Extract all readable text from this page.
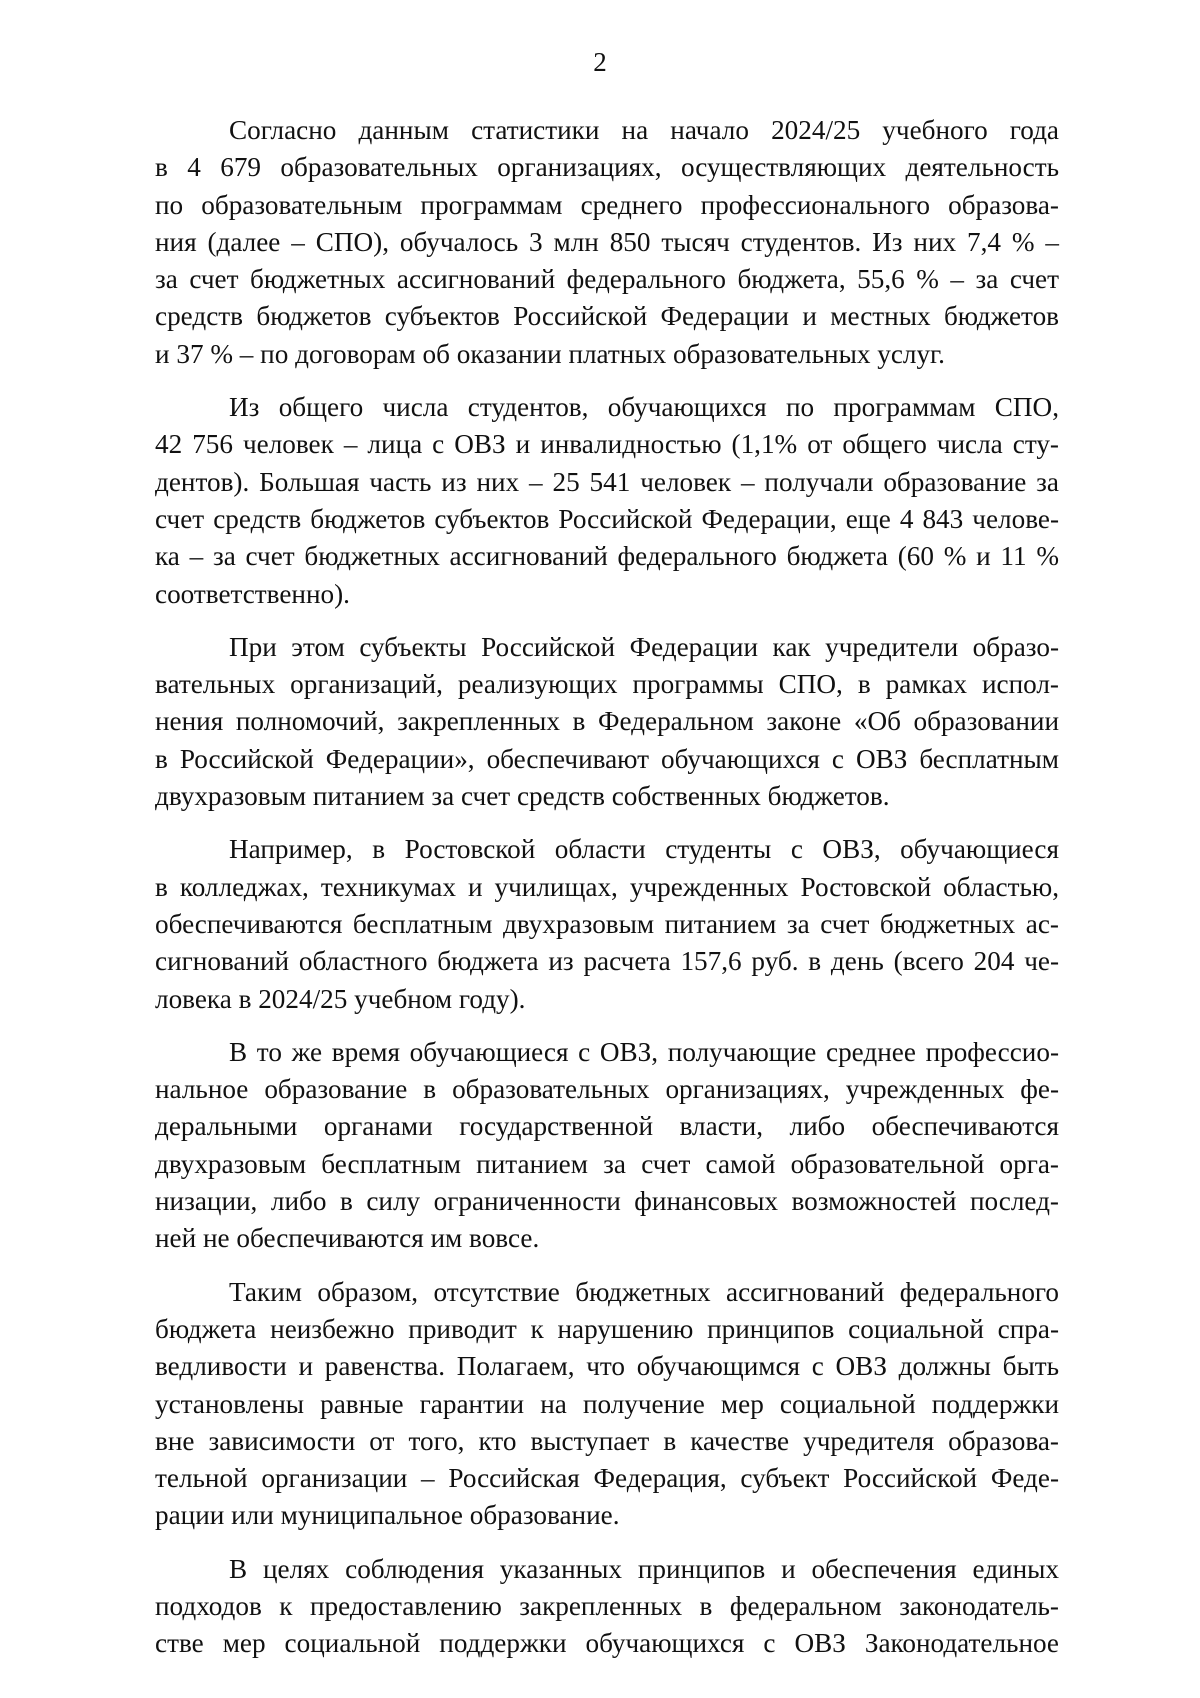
2

Согласно данным статистики на начало 2024/25 учебного года
в 4 679 образовательных организациях, осуществляющих деятельность
по образовательным программам среднего профессионального образова-
ния (далее – СПО), обучалось 3 млн 850 тысяч студентов. Из них 7,4 % –
за счет бюджетных ассигнований федерального бюджета, 55,6 % – за счет
средств бюджетов субъектов Российской Федерации и местных бюджетов
и 37 % – по договорам об оказании платных образовательных услуг.

Из общего числа студентов, обучающихся по программам СПО,
42 756 человек – лица с ОВЗ и инвалидностью (1,1% от общего числа сту-
дентов). Большая часть из них – 25 541 человек – получали образование за
счет средств бюджетов субъектов Российской Федерации, еще 4 843 челове-
ка – за счет бюджетных ассигнований федерального бюджета (60 % и 11 %
соответственно).

При этом субъекты Российской Федерации как учредители образо-
вательных организаций, реализующих программы СПО, в рамках испол-
нения полномочий, закрепленных в Федеральном законе «Об образовании
в Российской Федерации», обеспечивают обучающихся с ОВЗ бесплатным
двухразовым питанием за счет средств собственных бюджетов.

Например, в Ростовской области студенты с ОВЗ, обучающиеся
в колледжах, техникумах и училищах, учрежденных Ростовской областью,
обеспечиваются бесплатным двухразовым питанием за счет бюджетных ас-
сигнований областного бюджета из расчета 157,6 руб. в день (всего 204 че-
ловека в 2024/25 учебном году).

В то же время обучающиеся с ОВЗ, получающие среднее профессио-
нальное образование в образовательных организациях, учрежденных фе-
деральными органами государственной власти, либо обеспечиваются
двухразовым бесплатным питанием за счет самой образовательной орга-
низации, либо в силу ограниченности финансовых возможностей послед-
ней не обеспечиваются им вовсе.

Таким образом, отсутствие бюджетных ассигнований федерального
бюджета неизбежно приводит к нарушению принципов социальной спра-
ведливости и равенства. Полагаем, что обучающимся с ОВЗ должны быть
установлены равные гарантии на получение мер социальной поддержки
вне зависимости от того, кто выступает в качестве учредителя образова-
тельной организации – Российская Федерация, субъект Российской Феде-
рации или муниципальное образование.

В целях соблюдения указанных принципов и обеспечения единых
подходов к предоставлению закрепленных в федеральном законодатель-
стве мер социальной поддержки обучающихся с ОВЗ Законодательное
